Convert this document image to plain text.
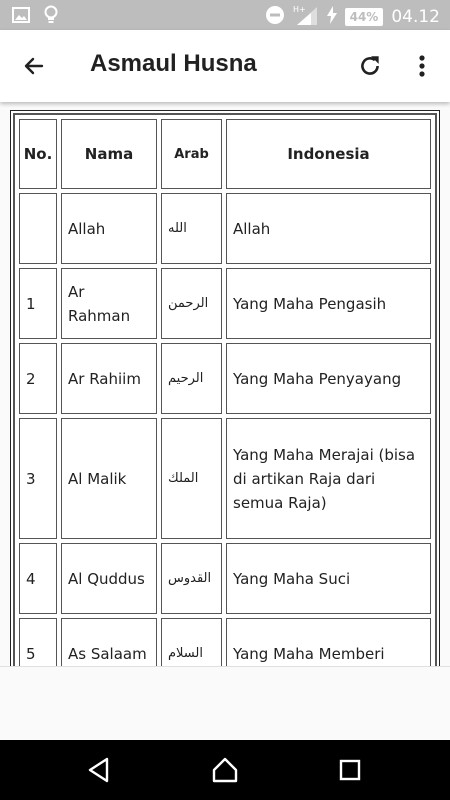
H+
44% 04.12
Asmaul Husna
No.	Nama	Arab	Indonesia
	Allah	الله	Allah
1	Ar Rahman	الرحمن	Yang Maha Pengasih
2	Ar Rahiim	الرحيم	Yang Maha Penyayang
3	Al Malik	الملك	Yang Maha Merajai (bisa di artikan Raja dari semua Raja)
4	Al Quddus	القدوس	Yang Maha Suci
5	As Salaam	السلام	Yang Maha Memberi
